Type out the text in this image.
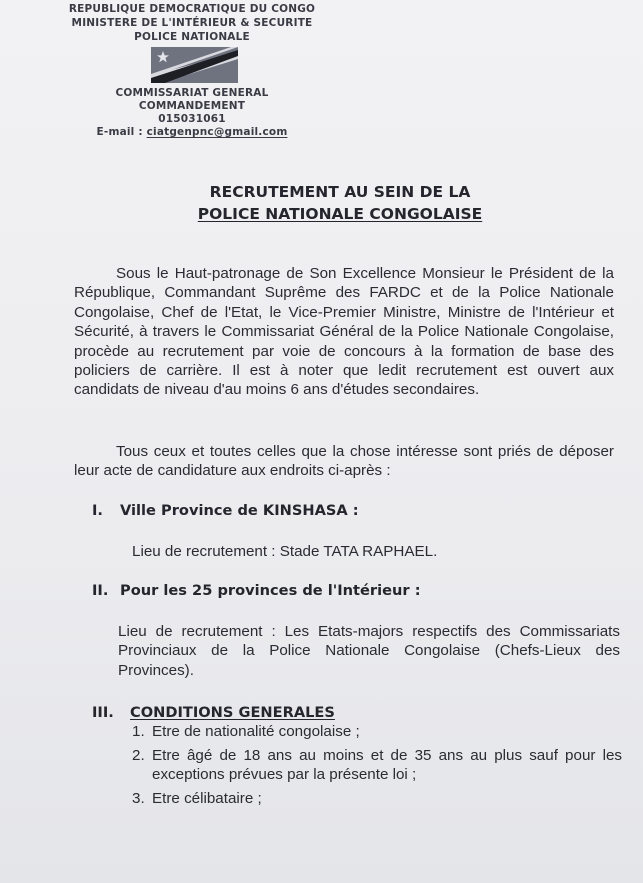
REPUBLIQUE DEMOCRATIQUE DU CONGO
MINISTERE DE L'INTÉRIEUR & SECURITE
POLICE NATIONALE
COMMISSARIAT GENERAL
COMMANDEMENT
015031061
E-mail : ciatgenpnc@gmail.com
RECRUTEMENT AU SEIN DE LA
POLICE NATIONALE CONGOLAISE

Sous le Haut-patronage de Son Excellence Monsieur le Président de la République, Commandant Suprême des FARDC et de la Police Nationale Congolaise, Chef de l'Etat, le Vice-Premier Ministre, Ministre de l'Intérieur et Sécurité, à travers le Commissariat Général de la Police Nationale Congolaise, procède au recrutement par voie de concours à la formation de base des policiers de carrière. Il est à noter que ledit recrutement est ouvert aux candidats de niveau d'au moins 6 ans d'études secondaires.

Tous ceux et toutes celles que la chose intéresse sont priés de déposer leur acte de candidature aux endroits ci-après :

I. Ville Province de KINSHASA :
Lieu de recrutement : Stade TATA RAPHAEL.
II. Pour les 25 provinces de l'Intérieur :
Lieu de recrutement : Les Etats-majors respectifs des Commissariats Provinciaux de la Police Nationale Congolaise (Chefs-Lieux des Provinces).
III. CONDITIONS GENERALES
1. Etre de nationalité congolaise ;
2. Etre âgé de 18 ans au moins et de 35 ans au plus sauf pour les exceptions prévues par la présente loi ;
3. Etre célibataire ;
